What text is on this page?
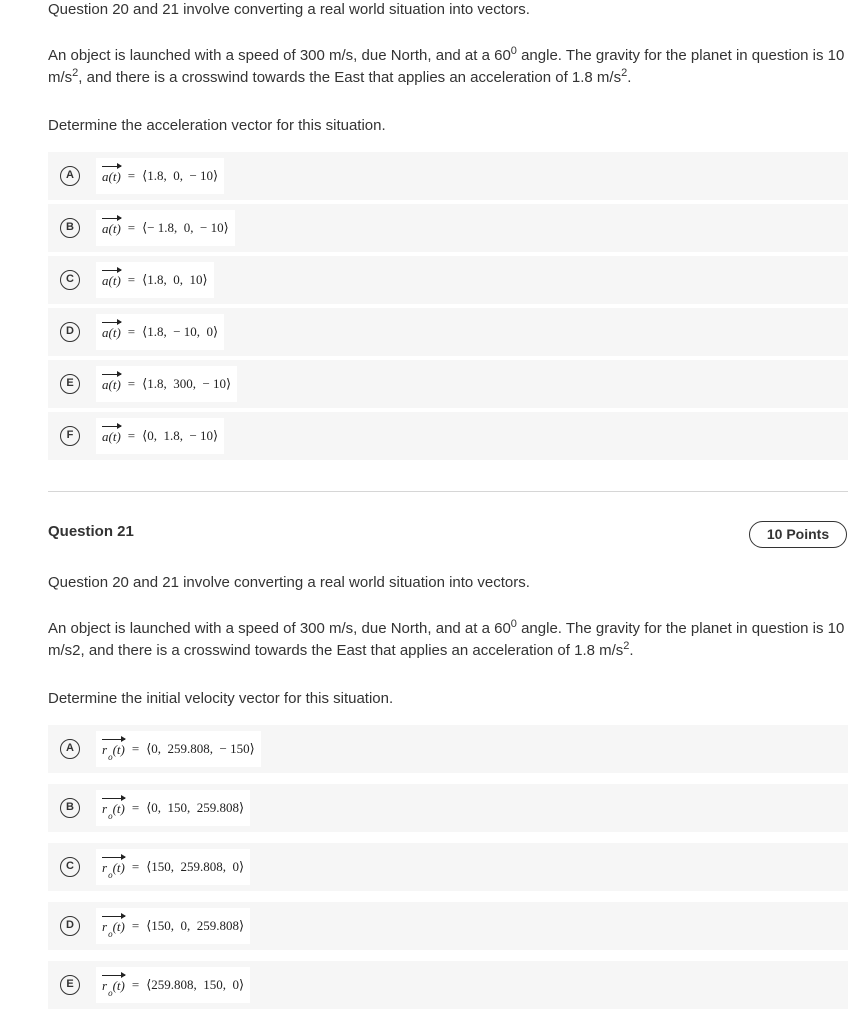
Question 20 and 21 involve converting a real world situation into vectors.
An object is launched with a speed of 300 m/s, due North, and at a $60^0$ angle. The gravity for the planet in question is 10 $m/s^2$, and there is a crosswind towards the East that applies an acceleration of 1.8 $m/s^2$.
Determine the acceleration vector for this situation.
A	a(t) = ⟨1.8,  0,  − 10⟩
B	a(t) = ⟨− 1.8,  0,  − 10⟩
C	a(t) = ⟨1.8,  0,  10⟩
D	a(t) = ⟨1.8,  − 10,  0⟩
E	a(t) = ⟨1.8,  300,  − 10⟩
F	a(t) = ⟨0,  1.8,  − 10⟩
Question 21	10 Points
Question 20 and 21 involve converting a real world situation into vectors.
An object is launched with a speed of 300 m/s, due North, and at a $60^0$ angle. The gravity for the planet in question is 10 m/s2, and there is a crosswind towards the East that applies an acceleration of 1.8 $m/s^2$.
Determine the initial velocity vector for this situation.
A	$r_o(t)$ = ⟨0,  259.808,  − 150⟩
B	$r_o(t)$ = ⟨0,  150,  259.808⟩
C	$r_o(t)$ = ⟨150,  259.808,  0⟩
D	$r_o(t)$ = ⟨150,  0,  259.808⟩
E	$r_o(t)$ = ⟨259.808,  150,  0⟩
